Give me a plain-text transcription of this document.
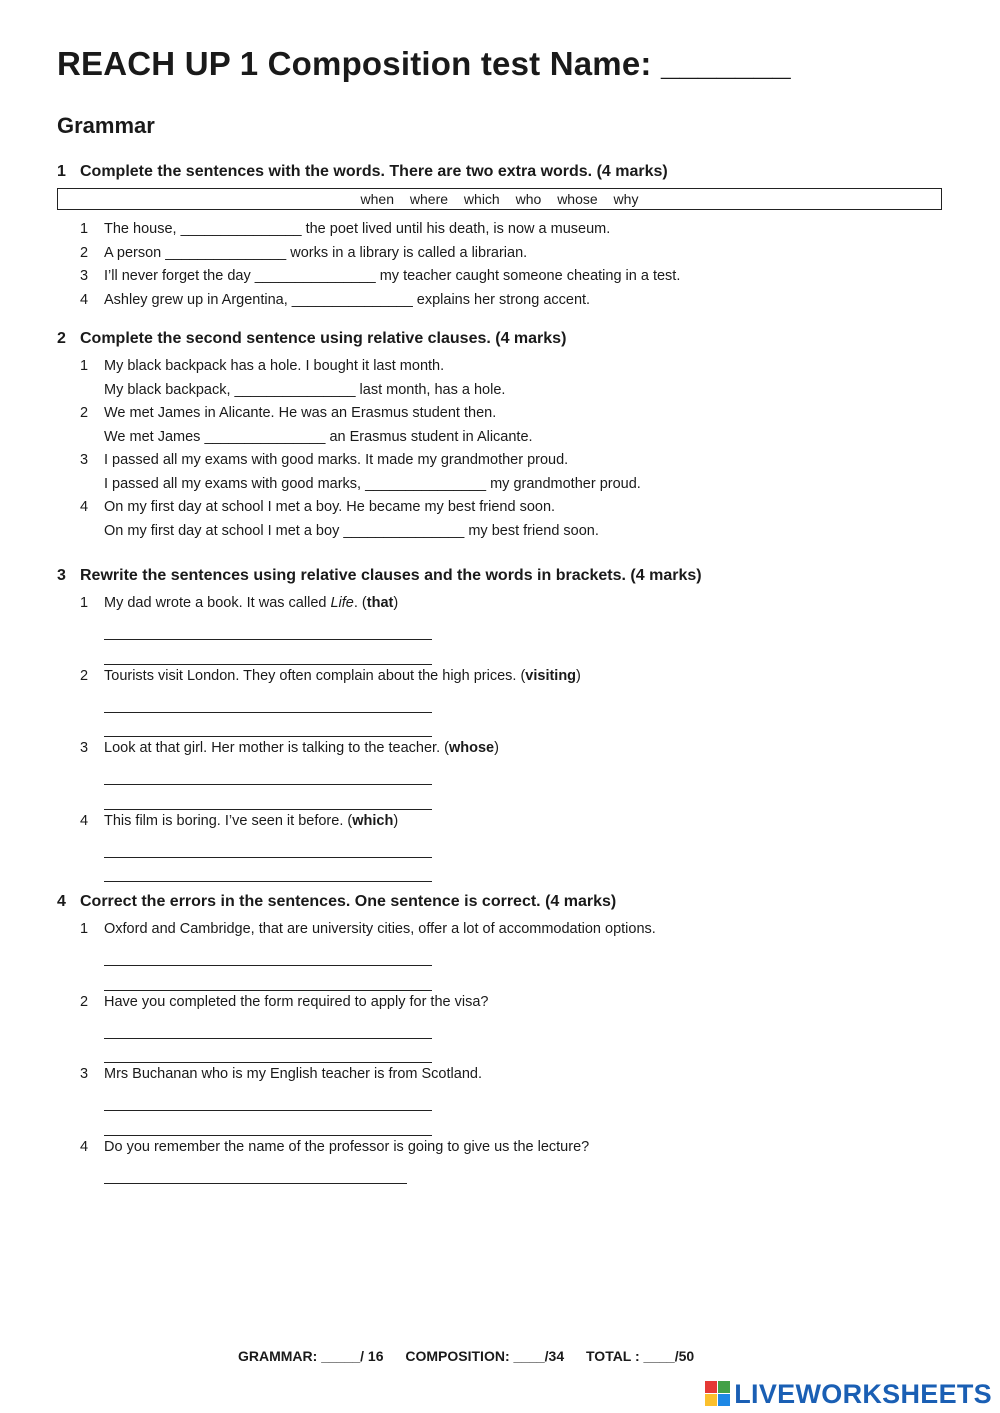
REACH UP 1 Composition test Name: _______
Grammar
1 Complete the sentences with the words. There are two extra words. (4 marks)
when where which who whose why
1 The house, _______________ the poet lived until his death, is now a museum.
2 A person _______________ works in a library is called a librarian.
3 I’ll never forget the day _______________ my teacher caught someone cheating in a test.
4 Ashley grew up in Argentina, _______________ explains her strong accent.
2 Complete the second sentence using relative clauses. (4 marks)
1 My black backpack has a hole. I bought it last month.
My black backpack, _______________ last month, has a hole.
2 We met James in Alicante. He was an Erasmus student then.
We met James _______________ an Erasmus student in Alicante.
3 I passed all my exams with good marks. It made my grandmother proud.
I passed all my exams with good marks, _______________ my grandmother proud.
4 On my first day at school I met a boy. He became my best friend soon.
On my first day at school I met a boy _______________ my best friend soon.
3 Rewrite the sentences using relative clauses and the words in brackets. (4 marks)
1 My dad wrote a book. It was called Life. (that)
2 Tourists visit London. They often complain about the high prices. (visiting)
3 Look at that girl. Her mother is talking to the teacher. (whose)
4 This film is boring. I’ve seen it before. (which)
4 Correct the errors in the sentences. One sentence is correct. (4 marks)
1 Oxford and Cambridge, that are university cities, offer a lot of accommodation options.
2 Have you completed the form required to apply for the visa?
3 Mrs Buchanan who is my English teacher is from Scotland.
4 Do you remember the name of the professor is going to give us the lecture?
GRAMMAR: _____/ 16 COMPOSITION: ____/34 TOTAL : ____/50
LIVEWORKSHEETS
